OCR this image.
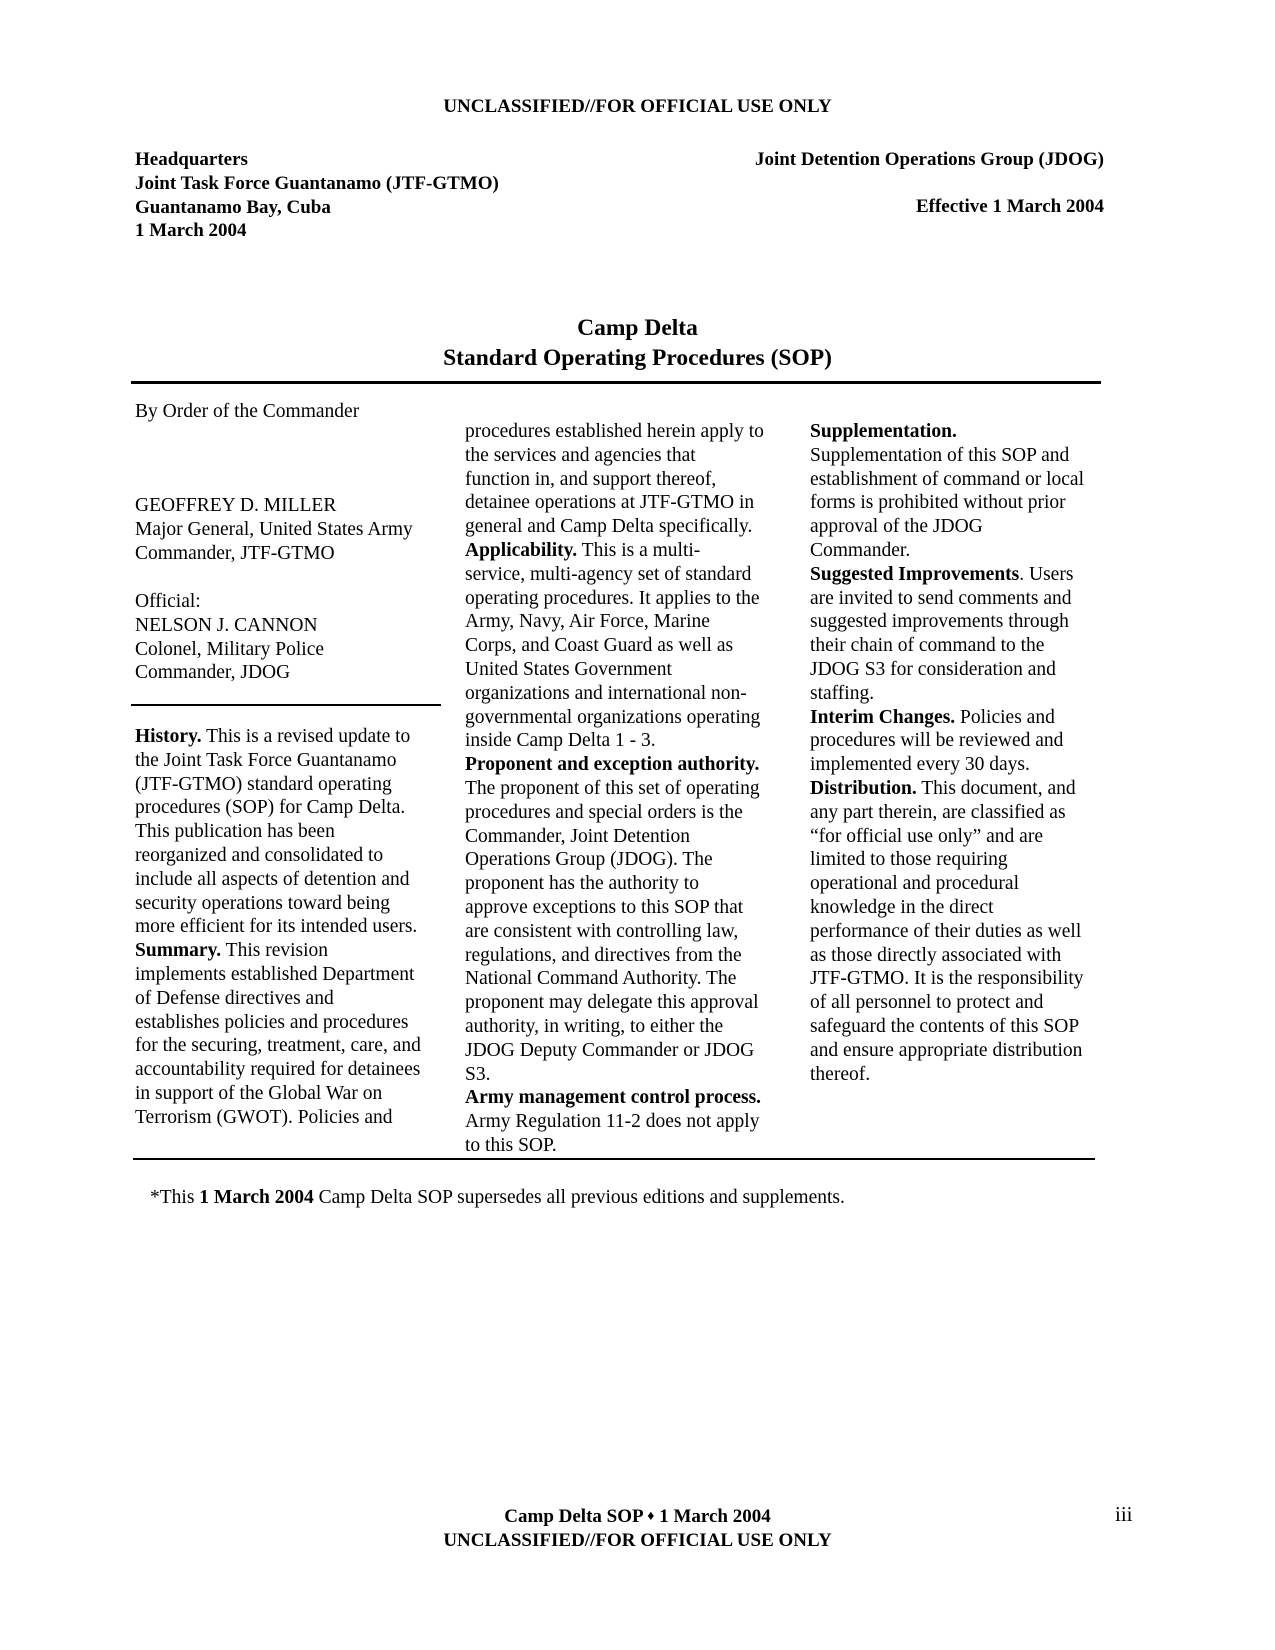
UNCLASSIFIED//FOR OFFICIAL USE ONLY
Headquarters
Joint Task Force Guantanamo (JTF-GTMO)
Guantanamo Bay, Cuba
1 March 2004
Joint Detention Operations Group (JDOG)
Effective 1 March 2004
Camp Delta
Standard Operating Procedures (SOP)
By Order of the Commander
GEOFFREY D. MILLER
Major General, United States Army
Commander, JTF-GTMO
Official:
NELSON J. CANNON
Colonel, Military Police
Commander, JDOG
History. This is a revised update to
the Joint Task Force Guantanamo
(JTF-GTMO) standard operating
procedures (SOP) for Camp Delta.
This publication has been
reorganized and consolidated to
include all aspects of detention and
security operations toward being
more efficient for its intended users.
Summary. This revision
implements established Department
of Defense directives and
establishes policies and procedures
for the securing, treatment, care, and
accountability required for detainees
in support of the Global War on
Terrorism (GWOT). Policies and
procedures established herein apply to
the services and agencies that
function in, and support thereof,
detainee operations at JTF-GTMO in
general and Camp Delta specifically.
Applicability. This is a multi-
service, multi-agency set of standard
operating procedures. It applies to the
Army, Navy, Air Force, Marine
Corps, and Coast Guard as well as
United States Government
organizations and international non-
governmental organizations operating
inside Camp Delta 1 - 3.
Proponent and exception authority.
The proponent of this set of operating
procedures and special orders is the
Commander, Joint Detention
Operations Group (JDOG). The
proponent has the authority to
approve exceptions to this SOP that
are consistent with controlling law,
regulations, and directives from the
National Command Authority. The
proponent may delegate this approval
authority, in writing, to either the
JDOG Deputy Commander or JDOG
S3.
Army management control process.
Army Regulation 11-2 does not apply
to this SOP.
Supplementation.
Supplementation of this SOP and
establishment of command or local
forms is prohibited without prior
approval of the JDOG
Commander.
Suggested Improvements. Users
are invited to send comments and
suggested improvements through
their chain of command to the
JDOG S3 for consideration and
staffing.
Interim Changes. Policies and
procedures will be reviewed and
implemented every 30 days.
Distribution. This document, and
any part therein, are classified as
“for official use only” and are
limited to those requiring
operational and procedural
knowledge in the direct
performance of their duties as well
as those directly associated with
JTF-GTMO. It is the responsibility
of all personnel to protect and
safeguard the contents of this SOP
and ensure appropriate distribution
thereof.
*This 1 March 2004 Camp Delta SOP supersedes all previous editions and supplements.
Camp Delta SOP ♦ 1 March 2004
UNCLASSIFIED//FOR OFFICIAL USE ONLY
iii
